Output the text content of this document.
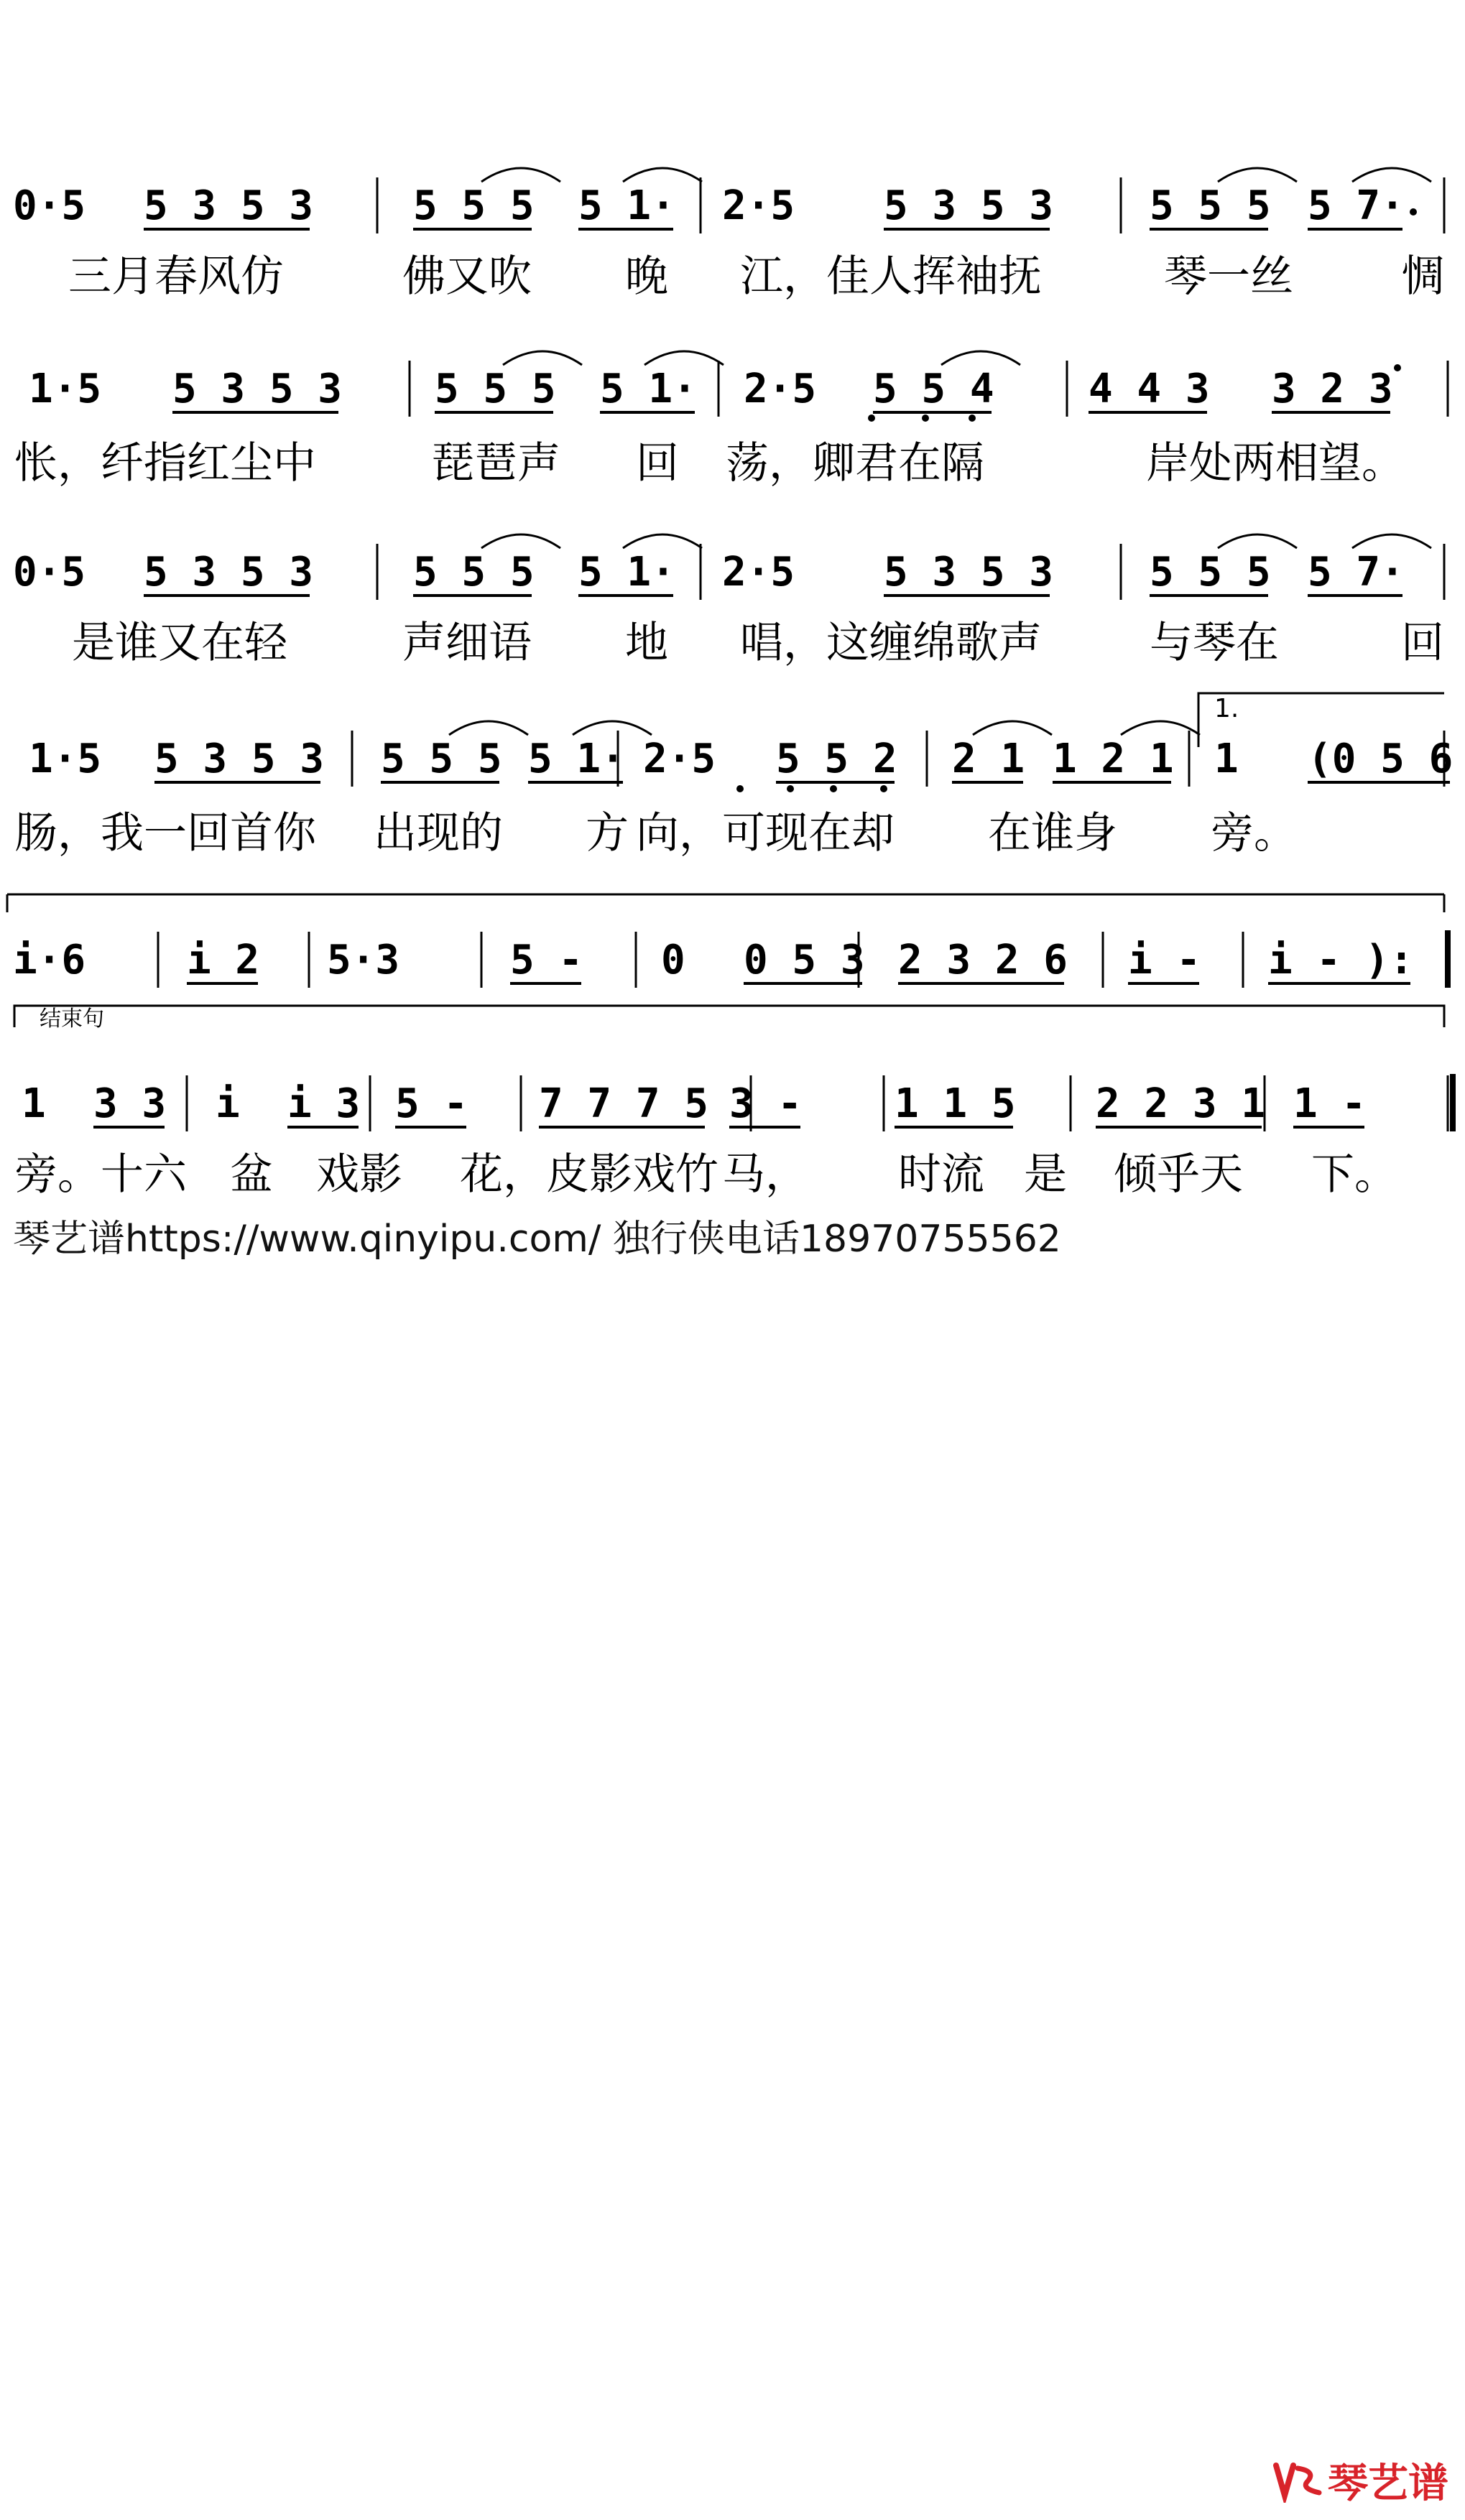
0·5 5 3 5 3 5 5 5 5 1· 2·5 5 3 5 3 5 5 5 5 7·
三月春风仿	佛又吹 晚 江，佳人挥袖抚	琴一丝	惆
1·5 5 3 5 3 5 5 5 5 1· 2·5 5 5 4 4 4 3 3 2 3
怅，纤指红尘中	琵琶声 回 荡，卿君在隔	岸处两相望。
0·5 5 3 5 3 5 5 5 5 1· 2·5 5 3 5 3 5 5 5 5 7·
是谁又在轻	声细语 地 唱，这缠绵歌声	与琴在	回
1·5 5 3 5 3 5 5 5 5 1· 2·5 5 5 2 2 1 1 2 1 1 (0 5 6
肠，我一回首你 出现的 方 向，可现在却 在谁身 旁。
i·6	i 2 5·3	5 - 0 0 5 3 2 3 2 6 i - i - ):
1 3 3 i i 3 5 - 7 7 7 5 3 - 1 1 5 2 2 3 1 1 -
旁。十六 盆 戏影 花， 皮影戏竹 马， 时流 是 倾乎天 下。
1.
结束句
琴艺谱https://www.qinyipu.com/ 独行侠电话18970755562
琴艺谱
